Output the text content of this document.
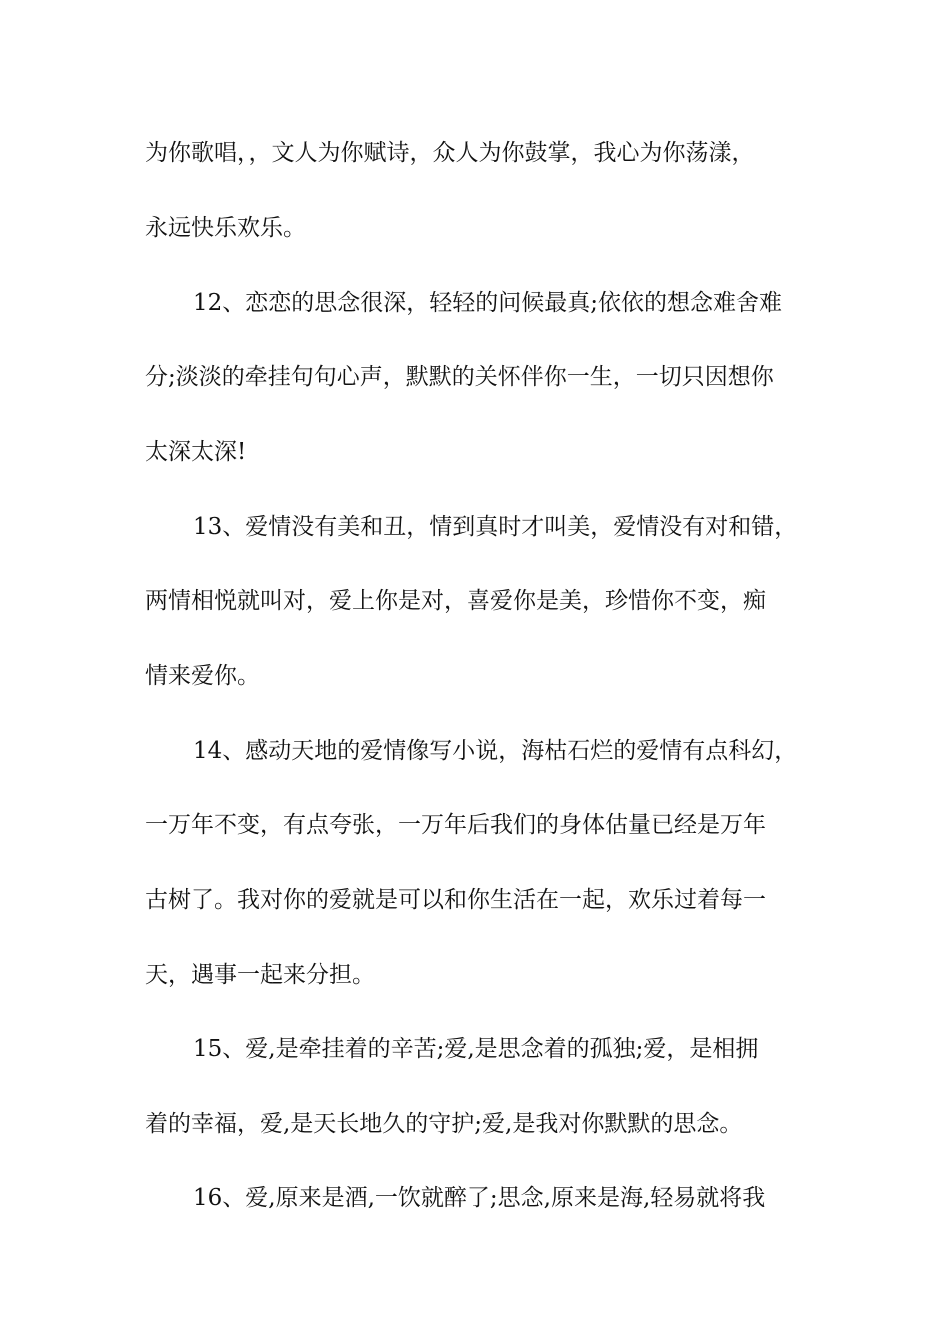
为你歌唱，，文人为你赋诗，众人为你鼓掌，我心为你荡漾，
永远快乐欢乐。
12、恋恋的思念很深，轻轻的问候最真;依依的想念难舍难
分;淡淡的牵挂句句心声，默默的关怀伴你一生，一切只因想你
太深太深!
13、爱情没有美和丑，情到真时才叫美，爱情没有对和错，
两情相悦就叫对，爱上你是对，喜爱你是美，珍惜你不变，痴
情来爱你。
14、感动天地的爱情像写小说，海枯石烂的爱情有点科幻，
一万年不变，有点夸张，一万年后我们的身体估量已经是万年
古树了。我对你的爱就是可以和你生活在一起，欢乐过着每一
天，遇事一起来分担。
15、爱,是牵挂着的辛苦;爱,是思念着的孤独;爱，是相拥
着的幸福，爱,是天长地久的守护;爱,是我对你默默的思念。
16、爱,原来是酒,一饮就醉了;思念,原来是海,轻易就将我
